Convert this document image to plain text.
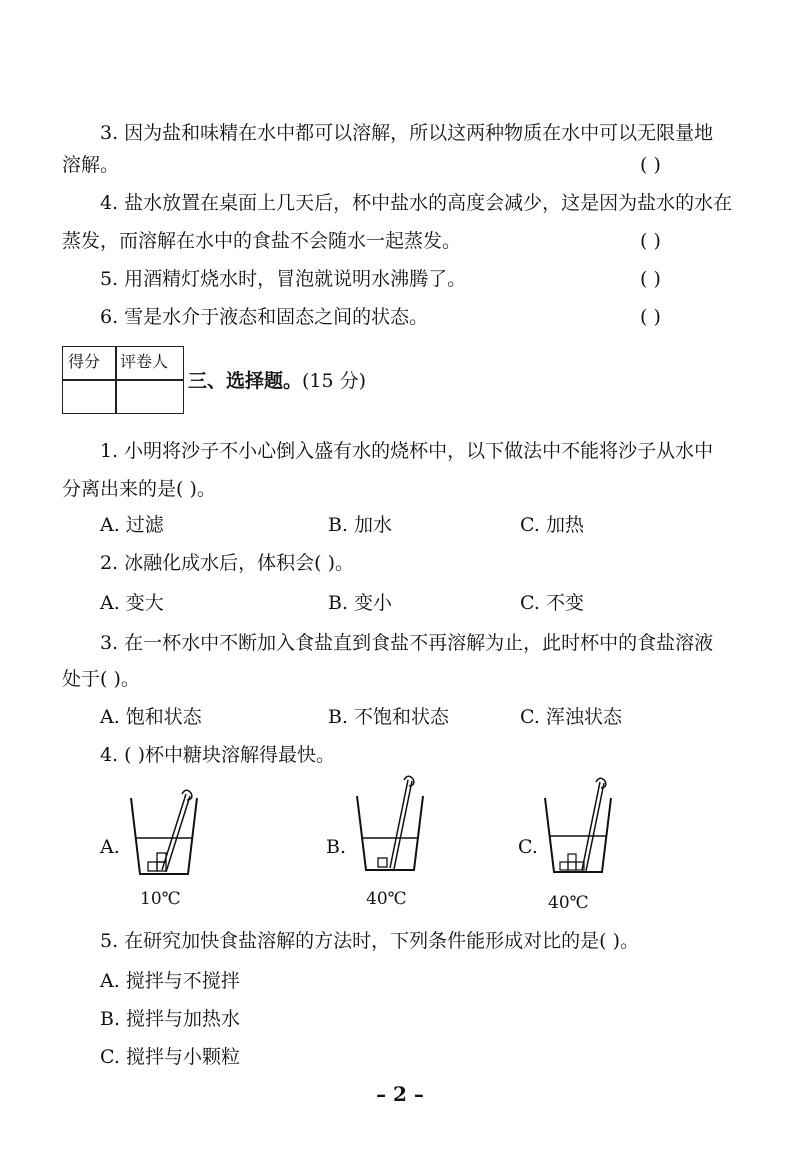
3. 因为盐和味精在水中都可以溶解，所以这两种物质在水中可以无限量地
溶解。	( )
4. 盐水放置在桌面上几天后，杯中盐水的高度会减少，这是因为盐水的水在
蒸发，而溶解在水中的食盐不会随水一起蒸发。	( )
5. 用酒精灯烧水时，冒泡就说明水沸腾了。	( )
6. 雪是水介于液态和固态之间的状态。	( )
得分 评卷人
三、选择题。(15 分)
1. 小明将沙子不小心倒入盛有水的烧杯中，以下做法中不能将沙子从水中
分离出来的是( )。
A. 过滤	B. 加水	C. 加热
2. 冰融化成水后，体积会( )。
A. 变大	B. 变小	C. 不变
3. 在一杯水中不断加入食盐直到食盐不再溶解为止，此时杯中的食盐溶液
处于( )。
A. 饱和状态	B. 不饱和状态	C. 浑浊状态
4. ( )杯中糖块溶解得最快。
A.
10℃
B.
40℃
C.
40℃
5. 在研究加快食盐溶解的方法时，下列条件能形成对比的是( )。
A. 搅拌与不搅拌
B. 搅拌与加热水
C. 搅拌与小颗粒
– 2 –
